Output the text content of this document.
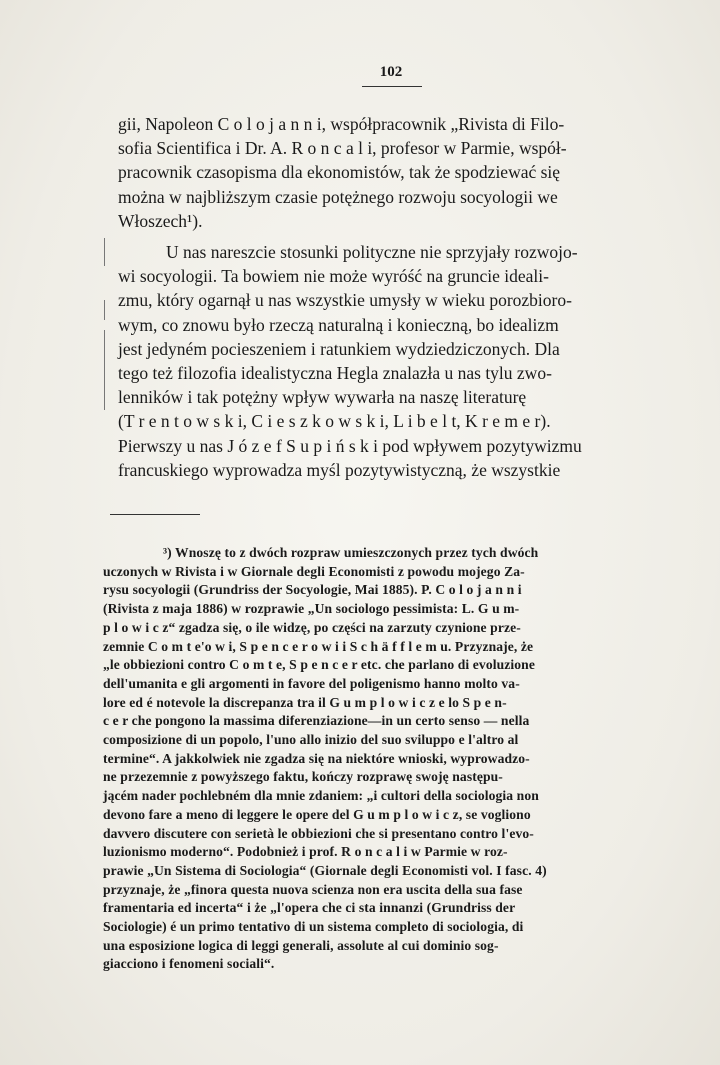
102

gii, Napoleon C o l o j a n n i, współpracownik „Rivista di Filo-
sofia Scientifica i Dr. A. R o n c a l i, profesor w Parmie, współ-
pracownik czasopisma dla ekonomistów, tak że spodziewać się
można w najbliższym czasie potężnego rozwoju socyologii we
Włoszech¹).

U nas nareszcie stosunki polityczne nie sprzyjały rozwojo-
wi socyologii. Ta bowiem nie może wyróść na gruncie ideali-
zmu, który ogarnął u nas wszystkie umysły w wieku porozbioro-
wym, co znowu było rzeczą naturalną i konieczną, bo idealizm
jest jedyném pocieszeniem i ratunkiem wydziedziczonych. Dla
tego też filozofia idealistyczna Hegla znalazła u nas tylu zwo-
lenników i tak potężny wpływ wywarła na naszę literaturę
(T r e n t o w s k i, C i e s z k o w s k i, L i b e l t, K r e m e r).
Pierwszy u nas J ó z e f S u p i ń s k i pod wpływem pozytywizmu
francuskiego wyprowadza myśl pozytywistyczną, że wszystkie

³) Wnoszę to z dwóch rozpraw umieszczonych przez tych dwóch
uczonych w Rivista i w Giornale degli Economisti z powodu mojego Za-
rysu socyologii (Grundriss der Socyologie, Mai 1885). P. C o l o j a n n i
(Rivista z maja 1886) w rozprawie „Un sociologo pessimista: L. G u m-
p l o w i c z“ zgadza się, o ile widzę, po części na zarzuty czynione prze-
zemnie C o m t e'o w i, S p e n c e r o w i i S c h ä f f l e m u. Przyznaje, że
„le obbiezioni contro C o m t e, S p e n c e r etc. che parlano di evoluzione
dell'umanita e gli argomenti in favore del poligenismo hanno molto va-
lore ed é notevole la discrepanza tra il G u m p l o w i c z e lo S p e n-
c e r che pongono la massima diferenziazione—in un certo senso — nella
composizione di un popolo, l'uno allo inizio del suo sviluppo e l'altro al
termine“. A jakkolwiek nie zgadza się na niektóre wnioski, wyprowadzo-
ne przezemnie z powyższego faktu, kończy rozprawę swoję następu-
jącém nader pochlebném dla mnie zdaniem: „i cultori della sociologia non
devono fare a meno di leggere le opere del G u m p l o w i c z, se vogliono
davvero discutere con serietà le obbiezioni che si presentano contro l'evo-
luzionismo moderno“. Podobnież i prof. R o n c a l i w Parmie w roz-
prawie „Un Sistema di Sociologia“ (Giornale degli Economisti vol. I fasc. 4)
przyznaje, że „finora questa nuova scienza non era uscita della sua fase
framentaria ed incerta“ i że „l'opera che ci sta innanzi (Grundriss der
Sociologie) é un primo tentativo di un sistema completo di sociologia, di
una esposizione logica di leggi generali, assolute al cui dominio sog-
giacciono i fenomeni sociali“.
